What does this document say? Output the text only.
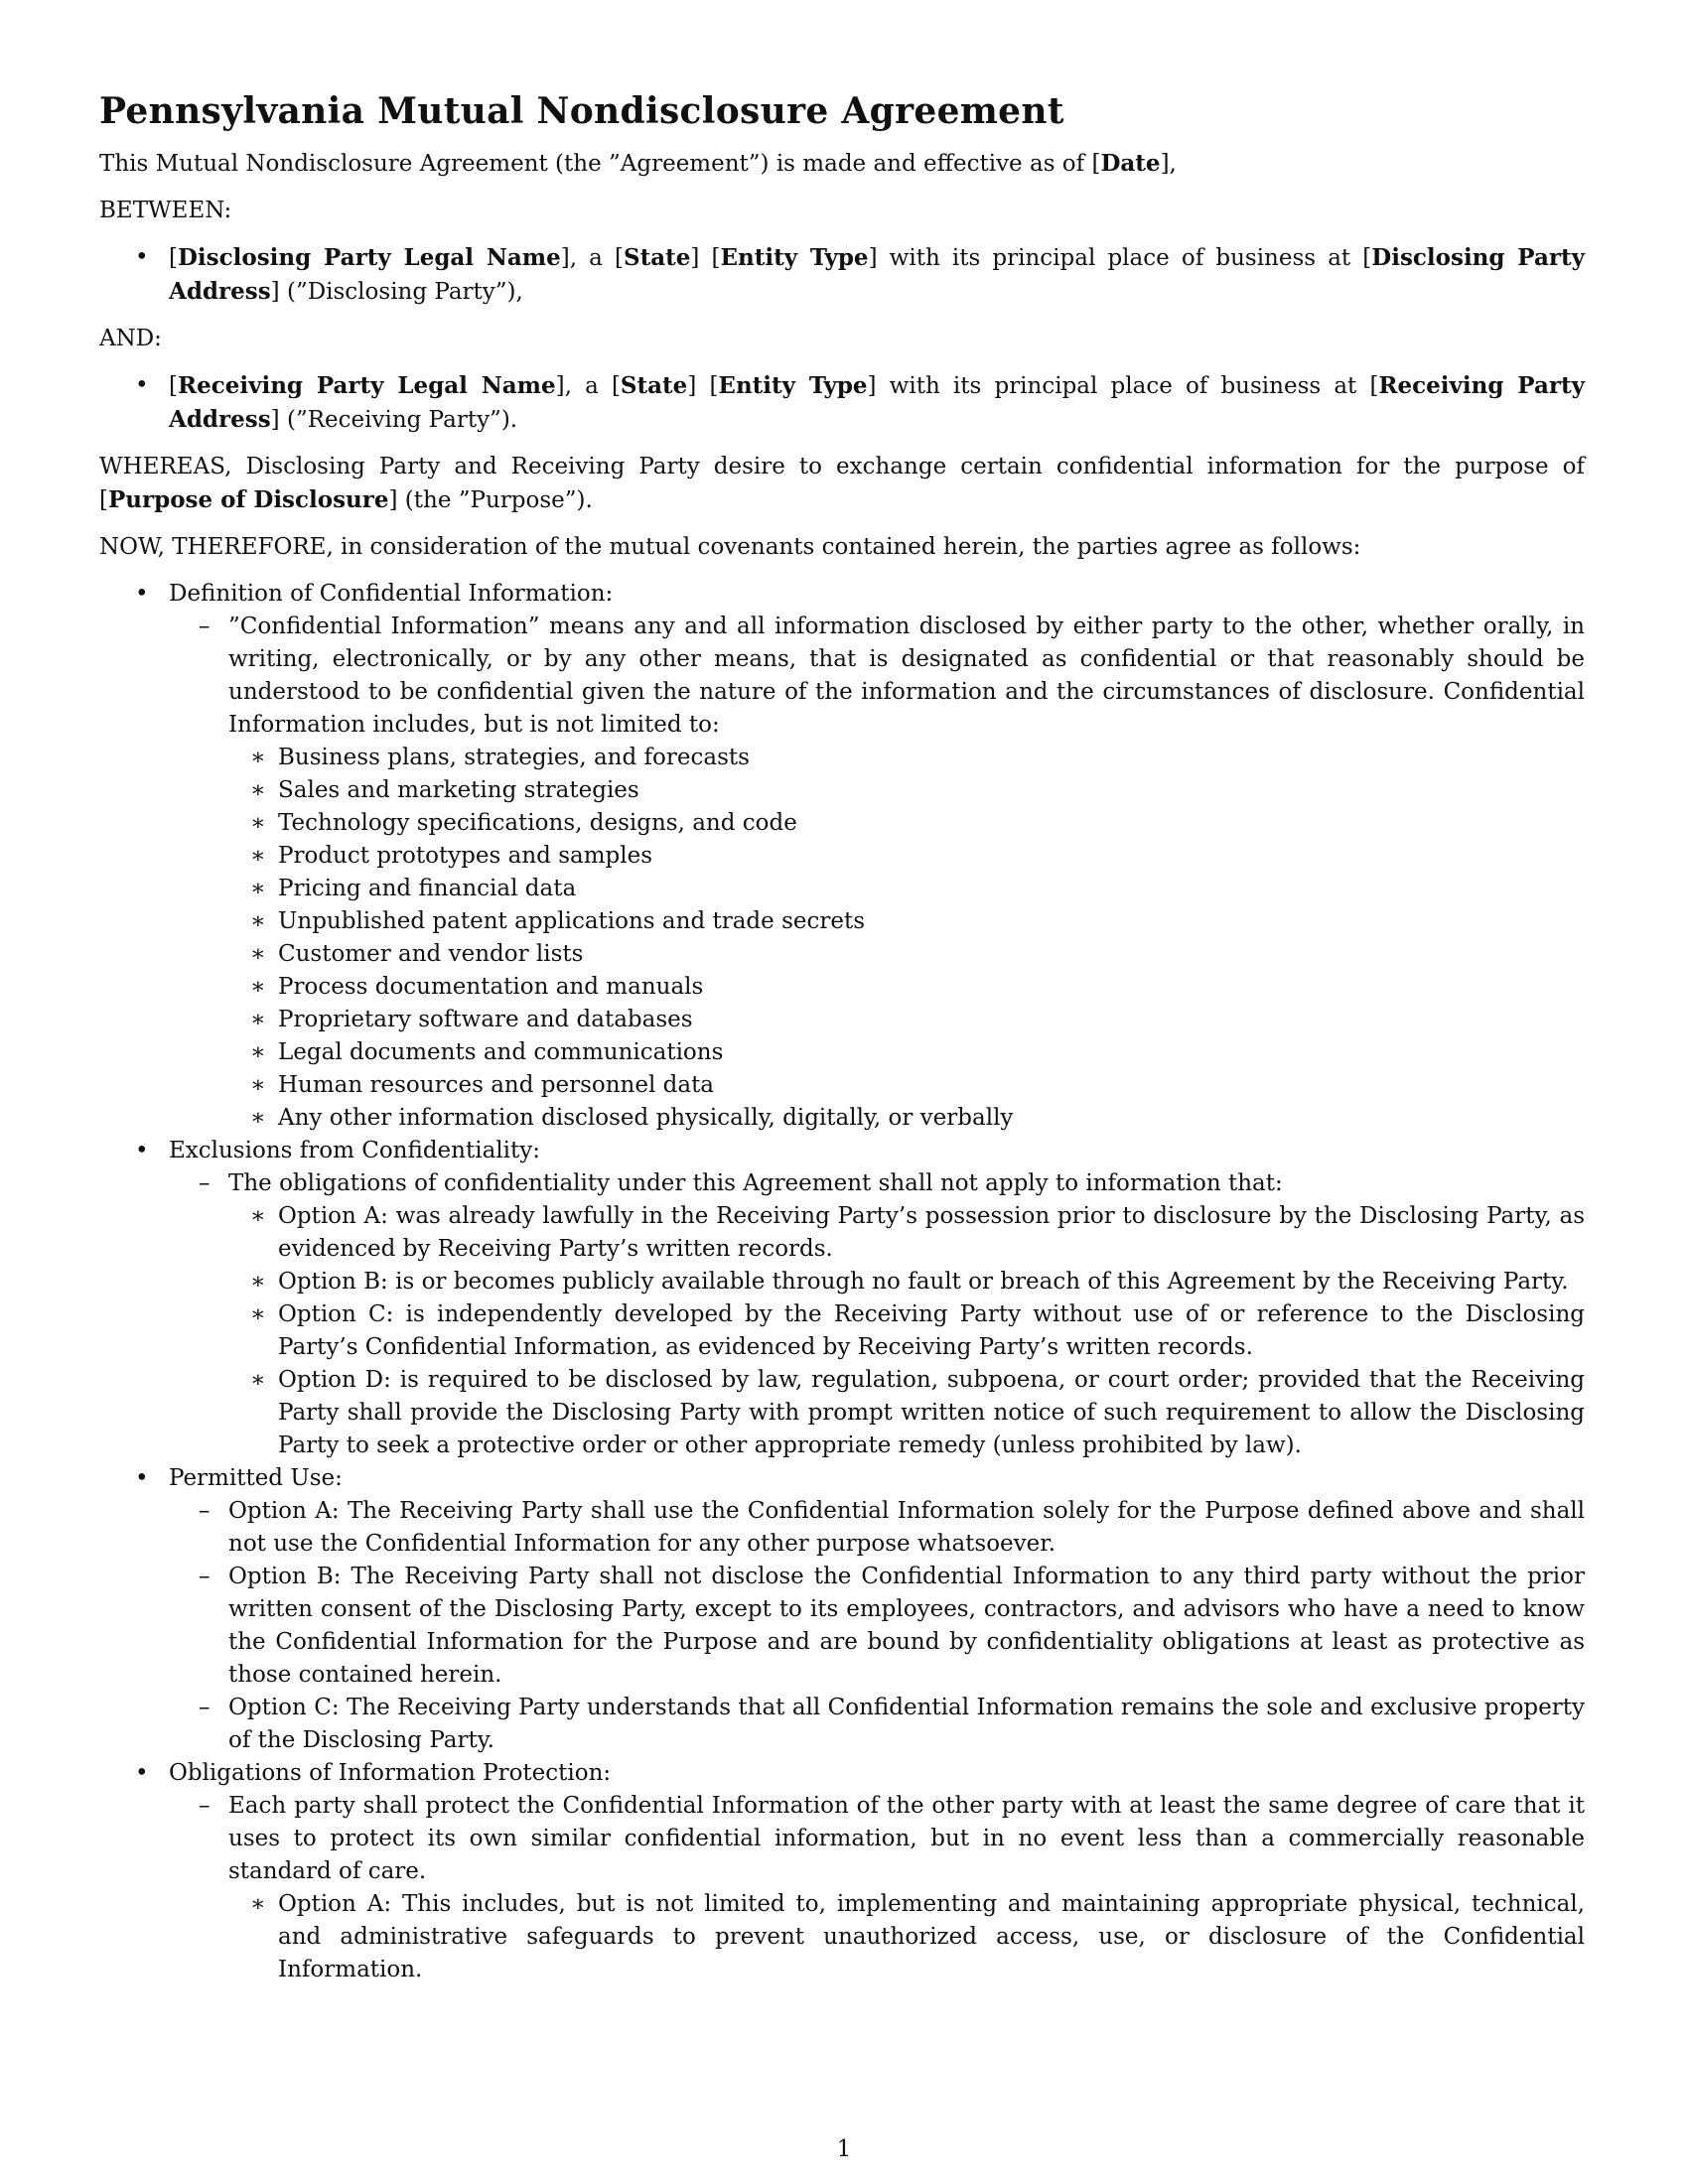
Pennsylvania Mutual Nondisclosure Agreement

This Mutual Nondisclosure Agreement (the ”Agreement”) is made and effective as of [Date],

BETWEEN:

• [Disclosing Party Legal Name], a [State] [Entity Type] with its principal place of business at [Disclosing Party Address] (”Disclosing Party”),

AND:

• [Receiving Party Legal Name], a [State] [Entity Type] with its principal place of business at [Receiving Party Address] (”Receiving Party”).

WHEREAS, Disclosing Party and Receiving Party desire to exchange certain confidential information for the purpose of [Purpose of Disclosure] (the ”Purpose”).

NOW, THEREFORE, in consideration of the mutual covenants contained herein, the parties agree as follows:

• Definition of Confidential Information:
– ”Confidential Information” means any and all information disclosed by either party to the other, whether orally, in writing, electronically, or by any other means, that is designated as confidential or that reasonably should be understood to be confidential given the nature of the information and the circumstances of disclosure. Confidential Information includes, but is not limited to:
∗ Business plans, strategies, and forecasts
∗ Sales and marketing strategies
∗ Technology specifications, designs, and code
∗ Product prototypes and samples
∗ Pricing and financial data
∗ Unpublished patent applications and trade secrets
∗ Customer and vendor lists
∗ Process documentation and manuals
∗ Proprietary software and databases
∗ Legal documents and communications
∗ Human resources and personnel data
∗ Any other information disclosed physically, digitally, or verbally
• Exclusions from Confidentiality:
– The obligations of confidentiality under this Agreement shall not apply to information that:
∗ Option A: was already lawfully in the Receiving Party’s possession prior to disclosure by the Disclosing Party, as evidenced by Receiving Party’s written records.
∗ Option B: is or becomes publicly available through no fault or breach of this Agreement by the Receiving Party.
∗ Option C: is independently developed by the Receiving Party without use of or reference to the Disclosing Party’s Confidential Information, as evidenced by Receiving Party’s written records.
∗ Option D: is required to be disclosed by law, regulation, subpoena, or court order; provided that the Receiving Party shall provide the Disclosing Party with prompt written notice of such requirement to allow the Disclosing Party to seek a protective order or other appropriate remedy (unless prohibited by law).
• Permitted Use:
– Option A: The Receiving Party shall use the Confidential Information solely for the Purpose defined above and shall not use the Confidential Information for any other purpose whatsoever.
– Option B: The Receiving Party shall not disclose the Confidential Information to any third party without the prior written consent of the Disclosing Party, except to its employees, contractors, and advisors who have a need to know the Confidential Information for the Purpose and are bound by confidentiality obligations at least as protective as those contained herein.
– Option C: The Receiving Party understands that all Confidential Information remains the sole and exclusive property of the Disclosing Party.
• Obligations of Information Protection:
– Each party shall protect the Confidential Information of the other party with at least the same degree of care that it uses to protect its own similar confidential information, but in no event less than a commercially reasonable standard of care.
∗ Option A: This includes, but is not limited to, implementing and maintaining appropriate physical, technical, and administrative safeguards to prevent unauthorized access, use, or disclosure of the Confidential Information.
1
